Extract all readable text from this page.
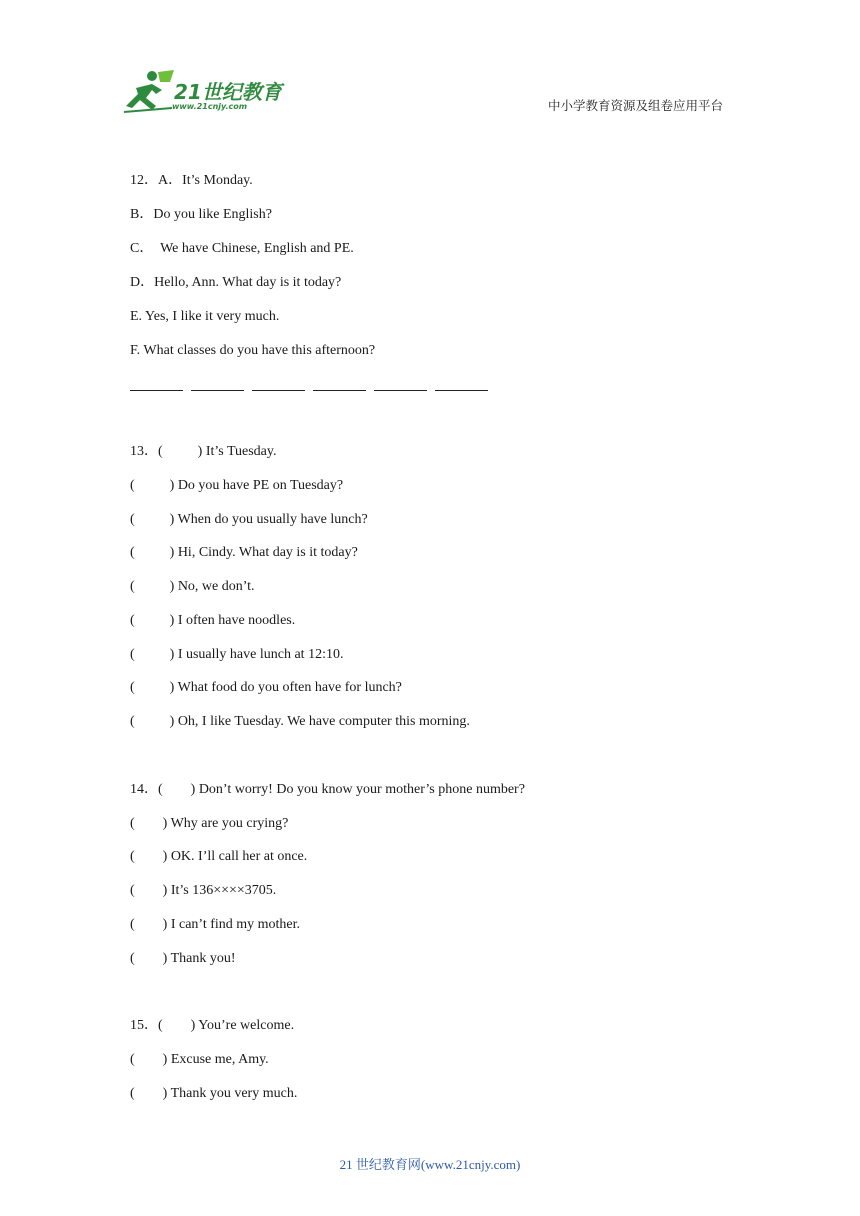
21世纪教育
www.21cnjy.com	中小学教育资源及组卷应用平台
12．A．It’s Monday.
B．Do you like English?
C．  We have Chinese, English and PE.
D．Hello, Ann. What day is it today?
E. Yes, I like it very much.
F. What classes do you have this afternoon?
13．(          ) It’s Tuesday.
(          ) Do you have PE on Tuesday?
(          ) When do you usually have lunch?
(          ) Hi, Cindy. What day is it today?
(          ) No, we don’t.
(          ) I often have noodles.
(          ) I usually have lunch at 12:10.
(          ) What food do you often have for lunch?
(          ) Oh, I like Tuesday. We have computer this morning.
14．(        ) Don’t worry! Do you know your mother’s phone number?
(        ) Why are you crying?
(        ) OK. I’ll call her at once.
(        ) It’s 136××××3705.
(        ) I can’t find my mother.
(        ) Thank you!
15．(        ) You’re welcome.
(        ) Excuse me, Amy.
(        ) Thank you very much.
21 世纪教育网(www.21cnjy.com)
